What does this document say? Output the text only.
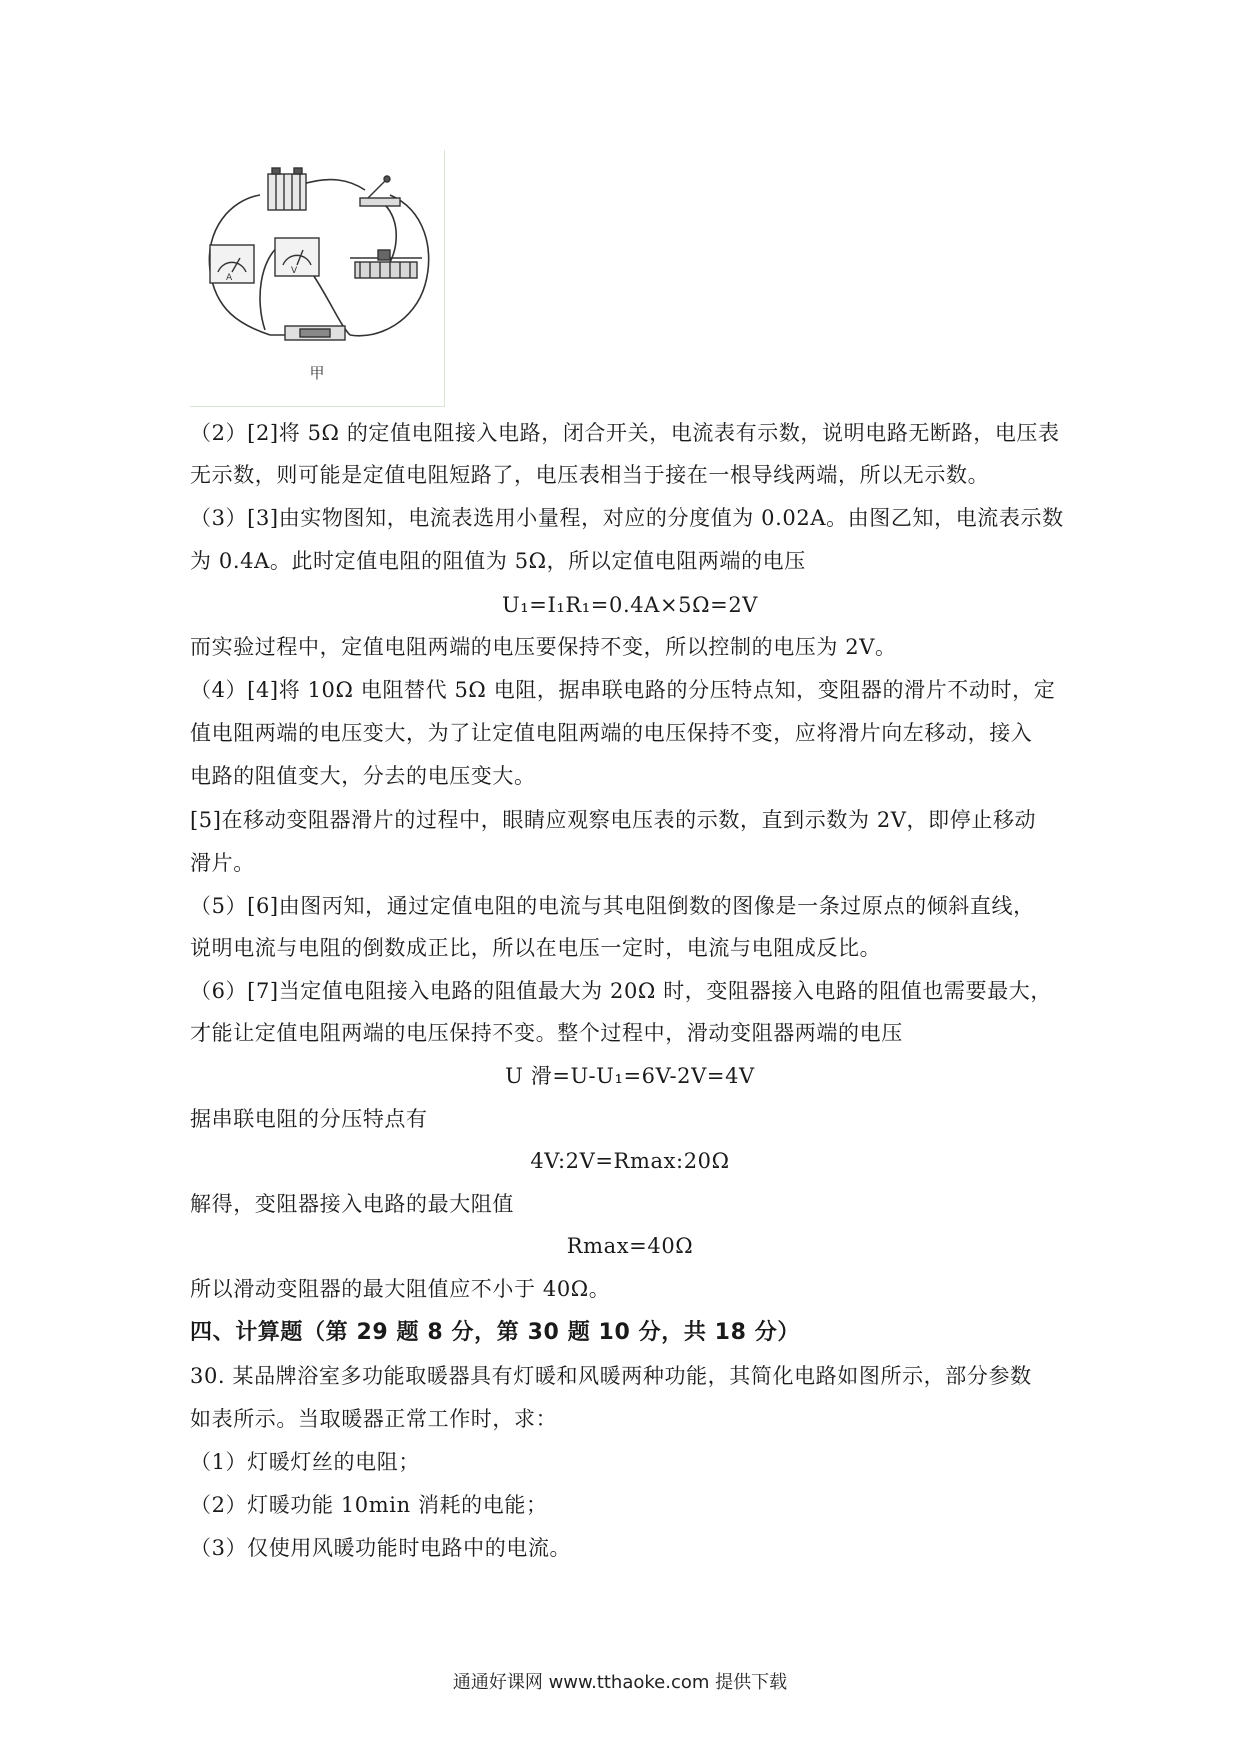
A
V
甲
（2）[2]将 5Ω 的定值电阻接入电路，闭合开关，电流表有示数，说明电路无断路，电压表
无示数，则可能是定值电阻短路了，电压表相当于接在一根导线两端，所以无示数。
（3）[3]由实物图知，电流表选用小量程，对应的分度值为 0.02A。由图乙知，电流表示数
为 0.4A。此时定值电阻的阻值为 5Ω，所以定值电阻两端的电压
U₁=I₁R₁=0.4A×5Ω=2V
而实验过程中，定值电阻两端的电压要保持不变，所以控制的电压为 2V。
（4）[4]将 10Ω 电阻替代 5Ω 电阻，据串联电路的分压特点知，变阻器的滑片不动时，定
值电阻两端的电压变大，为了让定值电阻两端的电压保持不变，应将滑片向左移动，接入
电路的阻值变大，分去的电压变大。
[5]在移动变阻器滑片的过程中，眼睛应观察电压表的示数，直到示数为 2V，即停止移动
滑片。
（5）[6]由图丙知，通过定值电阻的电流与其电阻倒数的图像是一条过原点的倾斜直线，
说明电流与电阻的倒数成正比，所以在电压一定时，电流与电阻成反比。
（6）[7]当定值电阻接入电路的阻值最大为 20Ω 时，变阻器接入电路的阻值也需要最大，
才能让定值电阻两端的电压保持不变。整个过程中，滑动变阻器两端的电压
U 滑=U-U₁=6V-2V=4V
据串联电阻的分压特点有
4V:2V=Rmax:20Ω
解得，变阻器接入电路的最大阻值
Rmax=40Ω
所以滑动变阻器的最大阻值应不小于 40Ω。
四、计算题（第 29 题 8 分，第 30 题 10 分，共 18 分）
30. 某品牌浴室多功能取暖器具有灯暖和风暖两种功能，其简化电路如图所示，部分参数
如表所示。当取暖器正常工作时，求：
（1）灯暖灯丝的电阻；
（2）灯暖功能 10min 消耗的电能；
（3）仅使用风暖功能时电路中的电流。
通通好课网 www.tthaoke.com 提供下载
